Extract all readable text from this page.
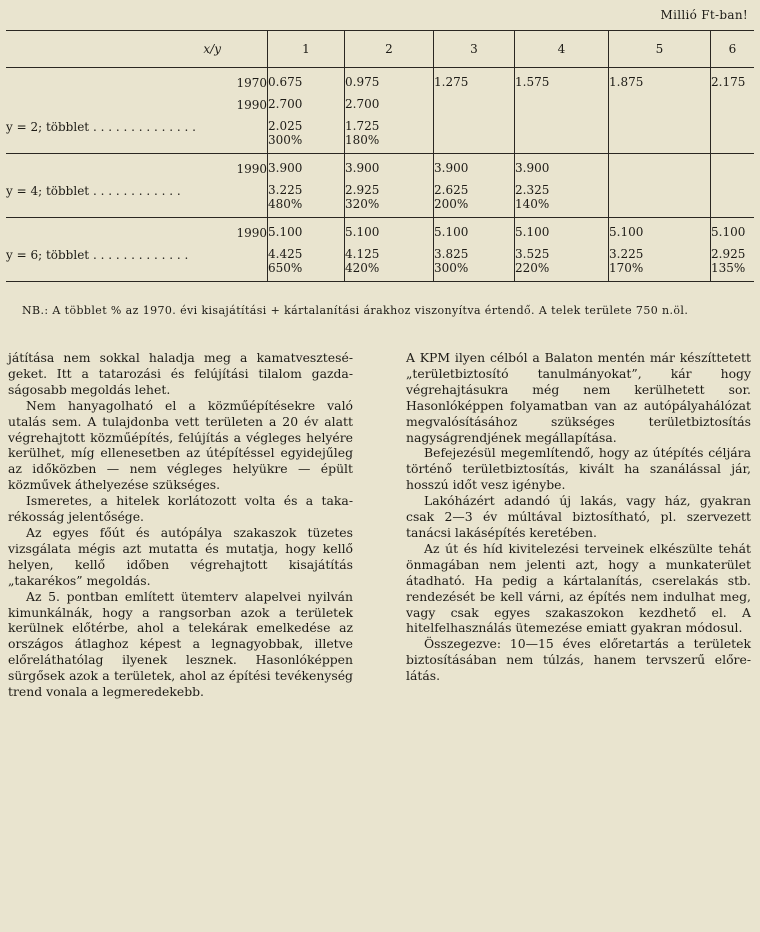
Millió Ft-ban!
x/y	1	2	3	4	5	6

1970	0.675	0.975	1.275	1.575	1.875	2.175

1990	2.700	2.700				

y = 2; többlet . . . . . . . . . . . . . .	2.025	1.725				
	300%	180%				

1990	3.900	3.900	3.900	3.900		

y = 4; többlet . . . . . . . . . . . .	3.225	2.925	2.625	2.325		
	480%	320%	200%	140%		

1990	5.100	5.100	5.100	5.100	5.100	5.100

y = 6; többlet . . . . . . . . . . . . .	4.425	4.125	3.825	3.525	3.225	2.925
	650%	420%	300%	220%	170%	135%

NB.: A többlet % az 1970. évi kisajátítási + kártalanítási árakhoz viszonyítva értendő. A telek területe 750 n.öl.

játítása nem sokkal haladja meg a kamatveszteségeket. Itt a tatarozási és felújítási tilalom gazdaságosabb megoldás lehet.

Nem hanyagolható el a közműépítésekre való utalás sem. A tulajdonba vett területen a 20 év alatt végrehajtott közműépítés, felújítás a végleges helyére kerülhet, míg ellenesetben az útépítéssel egyidejűleg az időközben — nem végleges helyükre — épült közművek áthelyezése szükséges.

Ismeretes, a hitelek korlátozott volta és a takarékosság jelentősége.

Az egyes főút és autópálya szakaszok tüzetes vizsgálata mégis azt mutatta és mutatja, hogy kellő helyen, kellő időben végrehajtott kisajátítás „takarékos” megoldás.

Az 5. pontban említett ütemterv alapelvei nyilván kimunkálnák, hogy a rangsorban azok a területek kerülnek előtérbe, ahol a telekárak emelkedése az országos átlaghoz képest a legnagyobbak, illetve előreláthatólag ilyenek lesznek. Hasonlóképpen sürgősek azok a területek, ahol az építési tevékenység trend vonala a legmeredekebb.

A KPM ilyen célból a Balaton mentén már készíttetett „területbiztosító tanulmányokat”, kár hogy végrehajtásukra még nem kerülhetett sor. Hasonlóképpen folyamatban van az autópályahálózat megvalósításához szükséges területbiztosítás nagyságrendjének megállapítása.

Befejezésül megemlítendő, hogy az útépítés céljára történő területbiztosítás, kivált ha szanálással jár, hosszú időt vesz igénybe.

Lakóházért adandó új lakás, vagy ház, gyakran csak 2—3 év múltával biztosítható, pl. szervezett tanácsi lakásépítés keretében.

Az út és híd kivitelezési terveinek elkészülte tehát önmagában nem jelenti azt, hogy a munkaterület átadható. Ha pedig a kártalanítás, cserelakás stb. rendezését be kell várni, az építés nem indulhat meg, vagy csak egyes szakaszokon kezdhető el. A hitelfelhasználás ütemezése emiatt gyakran módosul.

Összegezve: 10—15 éves előretartás a területek biztosításában nem túlzás, hanem tervszerű előrelátás.
